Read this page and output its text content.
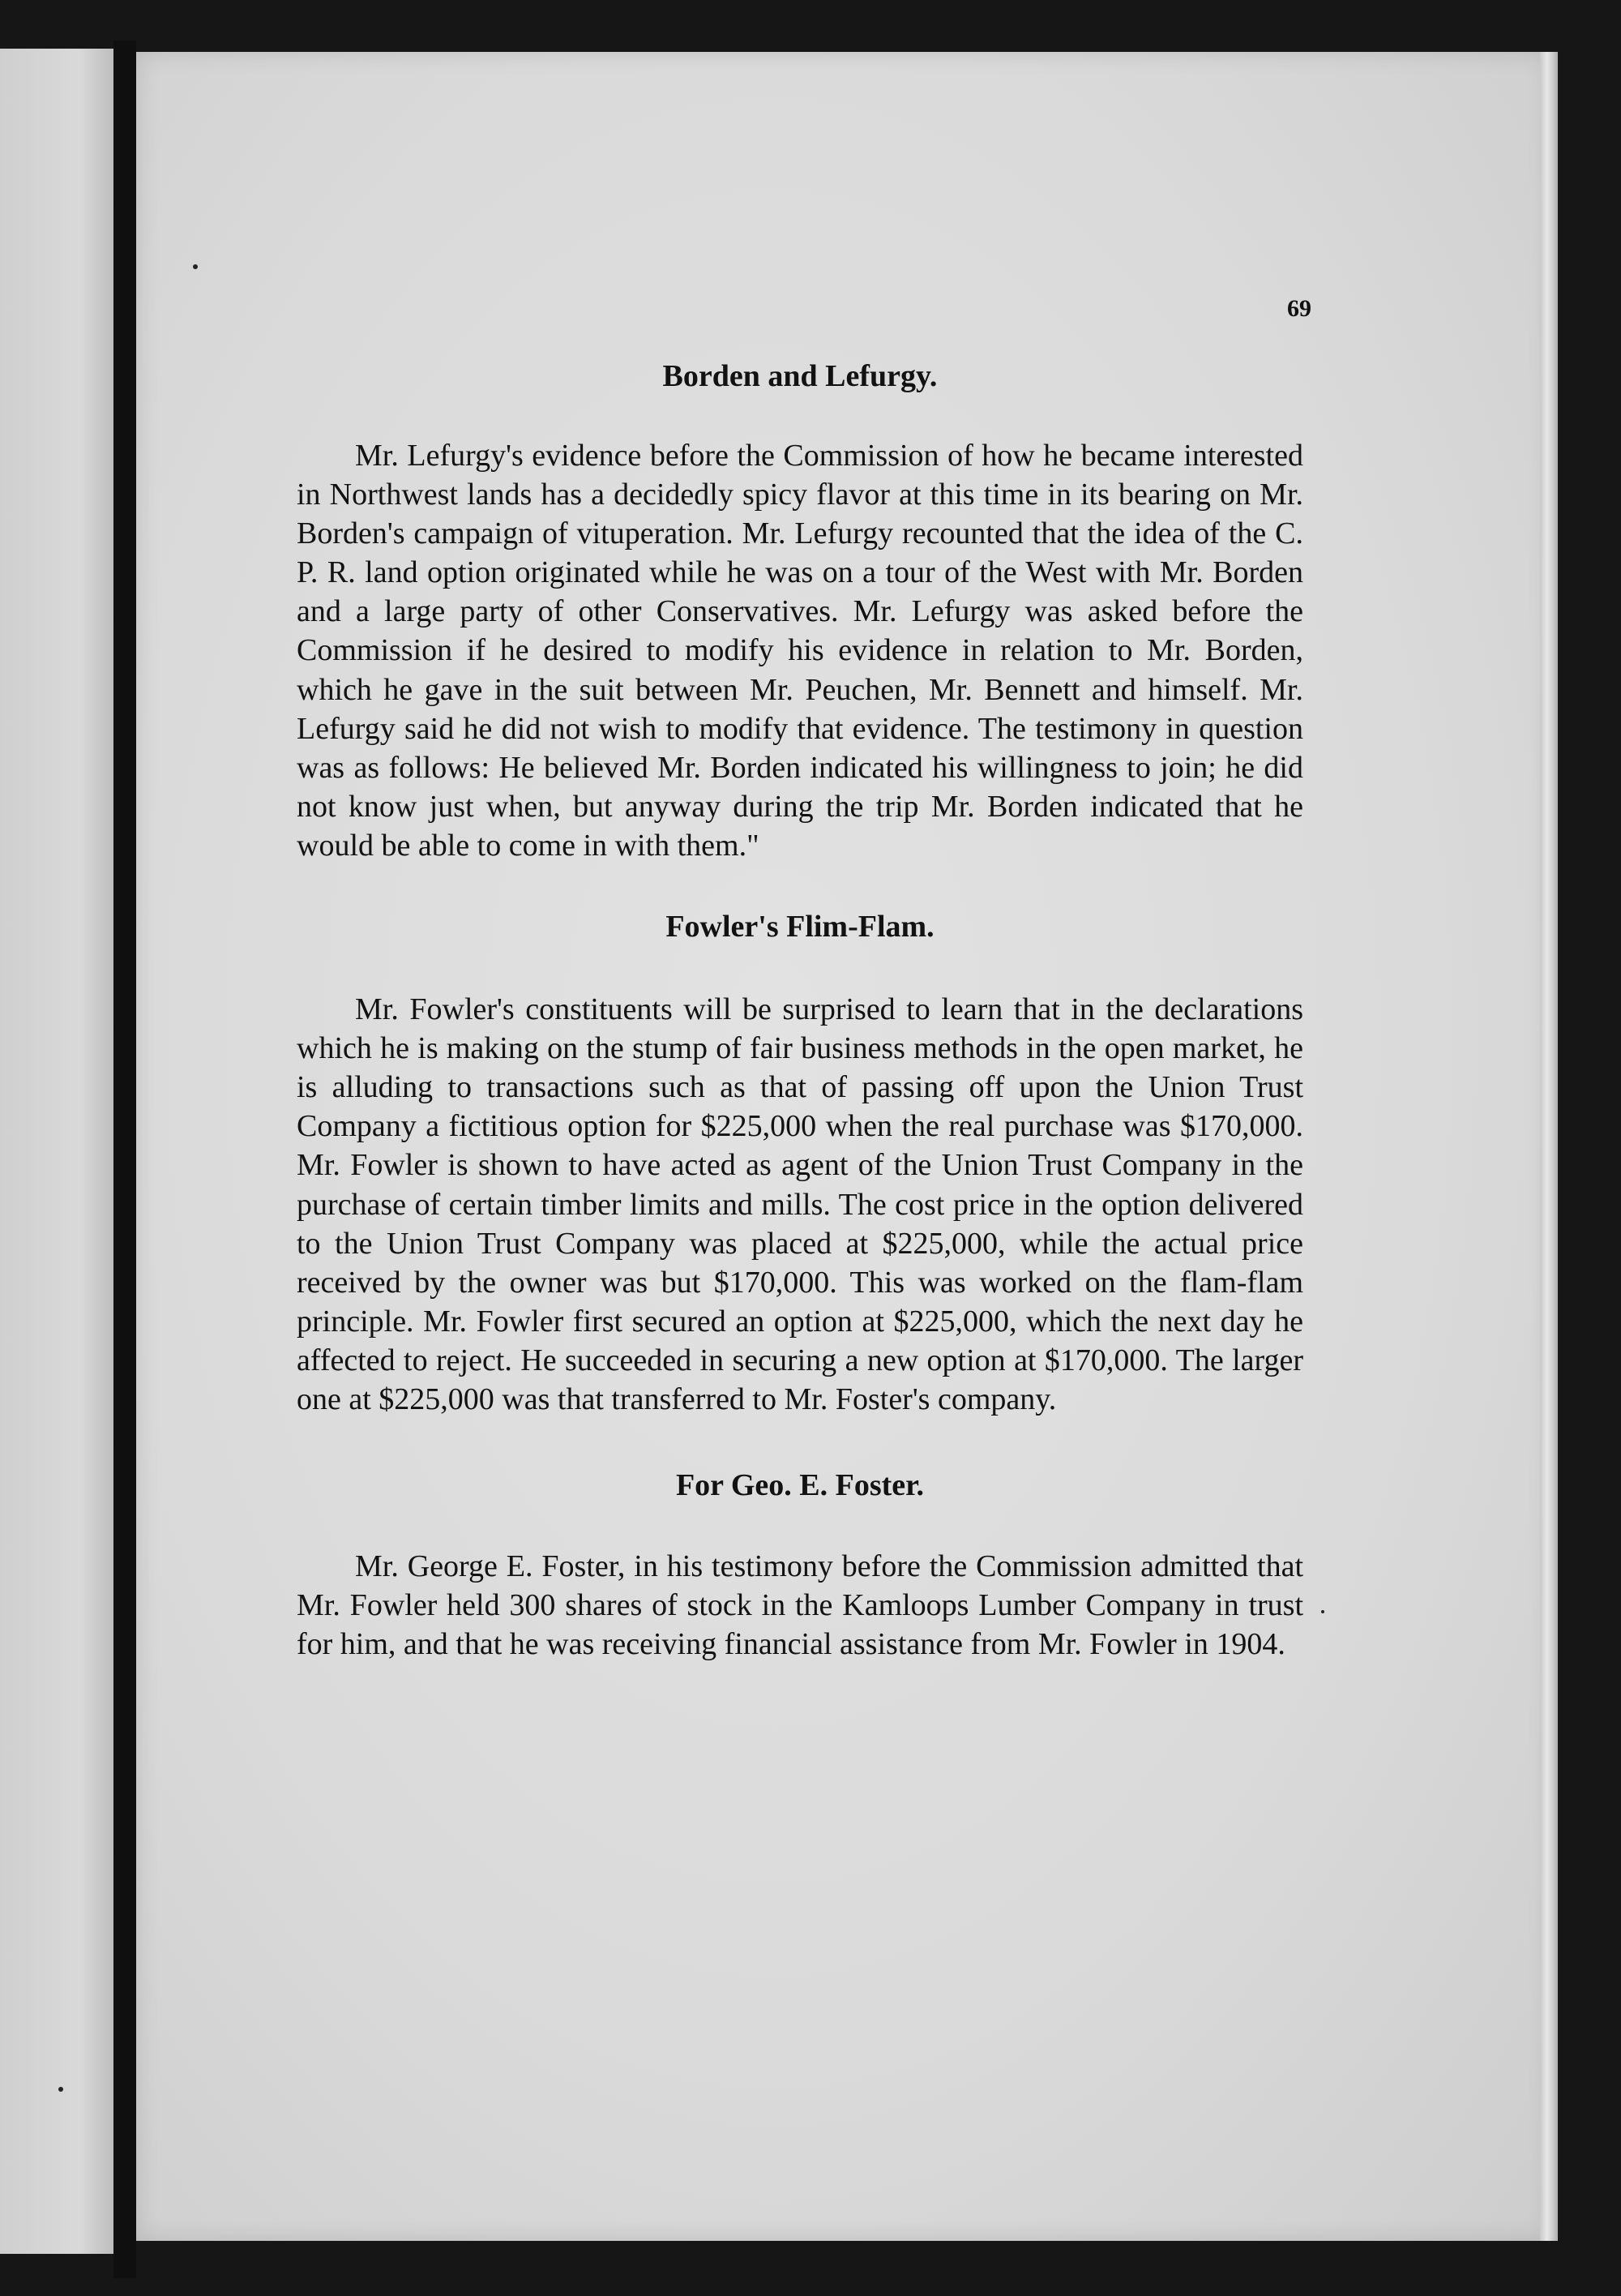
69

Borden and Lefurgy.

Mr. Lefurgy's evidence before the Commission of how he became interested in Northwest lands has a decidedly spicy flavor at this time in its bearing on Mr. Borden's campaign of vituperation. Mr. Lefurgy recounted that the idea of the C. P. R. land option originated while he was on a tour of the West with Mr. Borden and a large party of other Conservatives. Mr. Lefurgy was asked before the Commission if he desired to modify his evidence in relation to Mr. Borden, which he gave in the suit between Mr. Peuchen, Mr. Bennett and himself. Mr. Lefurgy said he did not wish to modify that evidence. The testimony in question was as follows: He believed Mr. Borden indicated his willingness to join; he did not know just when, but anyway during the trip Mr. Borden indicated that he would be able to come in with them."

Fowler's Flim-Flam.

Mr. Fowler's constituents will be surprised to learn that in the declarations which he is making on the stump of fair business methods in the open market, he is alluding to transactions such as that of passing off upon the Union Trust Company a fictitious option for $225,000 when the real purchase was $170,000. Mr. Fowler is shown to have acted as agent of the Union Trust Company in the purchase of certain timber limits and mills. The cost price in the option delivered to the Union Trust Company was placed at $225,000, while the actual price received by the owner was but $170,000. This was worked on the flam-flam principle. Mr. Fowler first secured an option at $225,000, which the next day he affected to reject. He succeeded in securing a new option at $170,000. The larger one at $225,000 was that transferred to Mr. Foster's company.

For Geo. E. Foster.

Mr. George E. Foster, in his testimony before the Commission admitted that Mr. Fowler held 300 shares of stock in the Kamloops Lumber Company in trust for him, and that he was receiving financial assistance from Mr. Fowler in 1904.
